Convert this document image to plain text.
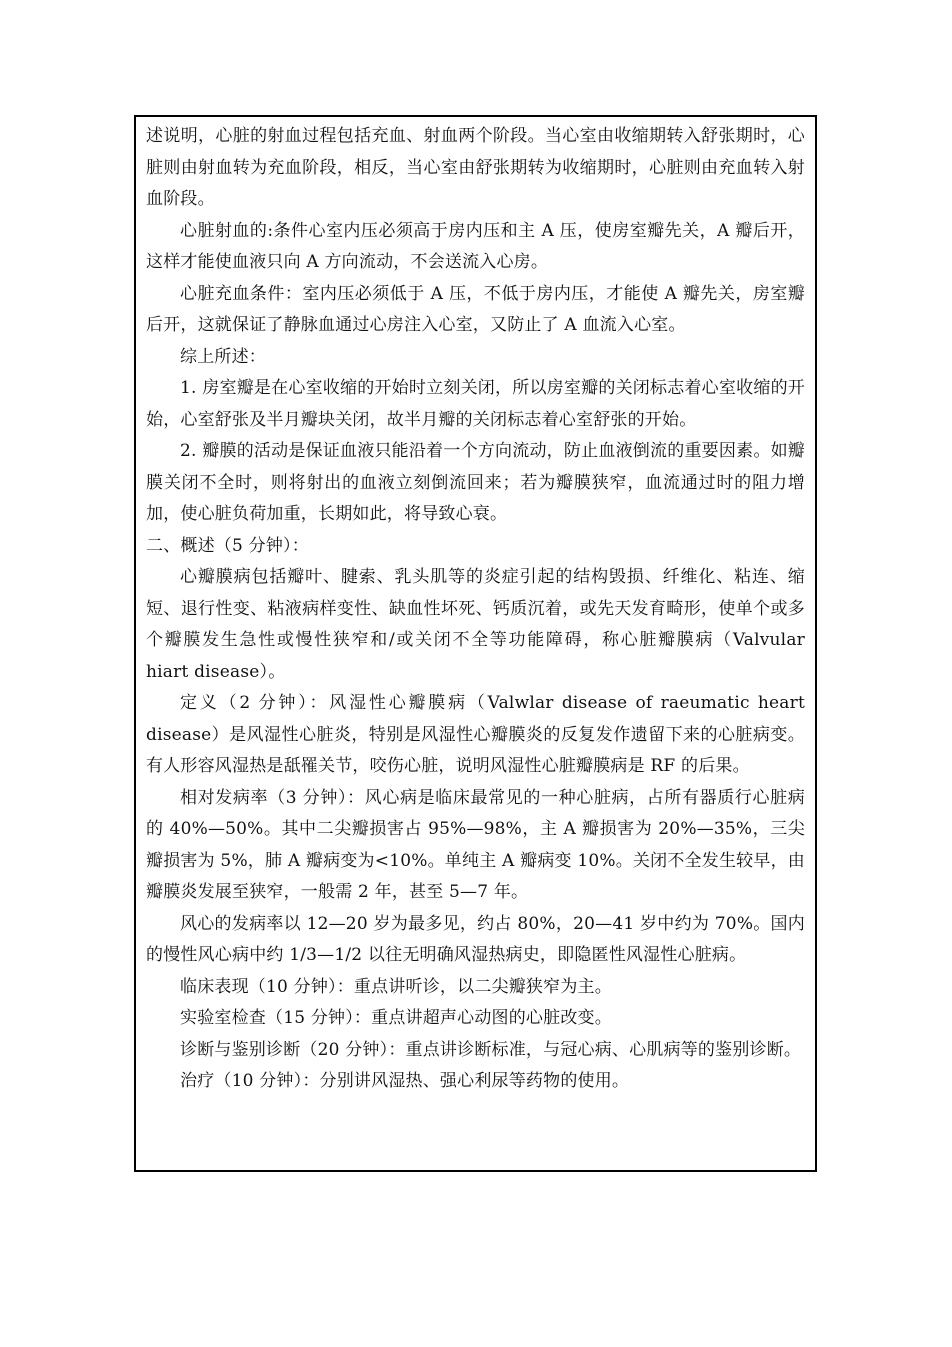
述说明，心脏的射血过程包括充血、射血两个阶段。当心室由收缩期转入舒张期时，心脏则由射血转为充血阶段，相反，当心室由舒张期转为收缩期时，心脏则由充血转入射血阶段。

心脏射血的:条件心室内压必须高于房内压和主 A 压，使房室瓣先关，A 瓣后开，这样才能使血液只向 A 方向流动，不会送流入心房。

心脏充血条件：室内压必须低于 A 压，不低于房内压，才能使 A 瓣先关，房室瓣后开，这就保证了静脉血通过心房注入心室，又防止了 A 血流入心室。

综上所述：

1. 房室瓣是在心室收缩的开始时立刻关闭，所以房室瓣的关闭标志着心室收缩的开始，心室舒张及半月瓣块关闭，故半月瓣的关闭标志着心室舒张的开始。

2. 瓣膜的活动是保证血液只能沿着一个方向流动，防止血液倒流的重要因素。如瓣膜关闭不全时，则将射出的血液立刻倒流回来；若为瓣膜狭窄，血流通过时的阻力增加，使心脏负荷加重，长期如此，将导致心衰。

二、概述（5 分钟）：

心瓣膜病包括瓣叶、腱索、乳头肌等的炎症引起的结构毁损、纤维化、粘连、缩短、退行性变、粘液病样变性、缺血性坏死、钙质沉着，或先天发育畸形，使单个或多个瓣膜发生急性或慢性狭窄和/或关闭不全等功能障碍，称心脏瓣膜病（Valvular hiart disease）。

定义（2 分钟）：风湿性心瓣膜病（Valwlar disease of raeumatic heart disease）是风湿性心脏炎，特别是风湿性心瓣膜炎的反复发作遗留下来的心脏病变。有人形容风湿热是舐罹关节，咬伤心脏，说明风湿性心脏瓣膜病是 RF 的后果。

相对发病率（3 分钟）：风心病是临床最常见的一种心脏病，占所有器质行心脏病的 40%—50%。其中二尖瓣损害占 95%—98%，主 A 瓣损害为 20%—35%，三尖瓣损害为 5%，肺 A 瓣病变为<10%。单纯主 A 瓣病变 10%。关闭不全发生较早，由瓣膜炎发展至狭窄，一般需 2 年，甚至 5—7 年。

风心的发病率以 12—20 岁为最多见，约占 80%，20—41 岁中约为 70%。国内的慢性风心病中约 1/3—1/2 以往无明确风湿热病史，即隐匿性风湿性心脏病。

临床表现（10 分钟）：重点讲听诊，以二尖瓣狭窄为主。

实验室检查（15 分钟）：重点讲超声心动图的心脏改变。

诊断与鉴别诊断（20 分钟）：重点讲诊断标准，与冠心病、心肌病等的鉴别诊断。

治疗（10 分钟）：分别讲风湿热、强心利尿等药物的使用。
